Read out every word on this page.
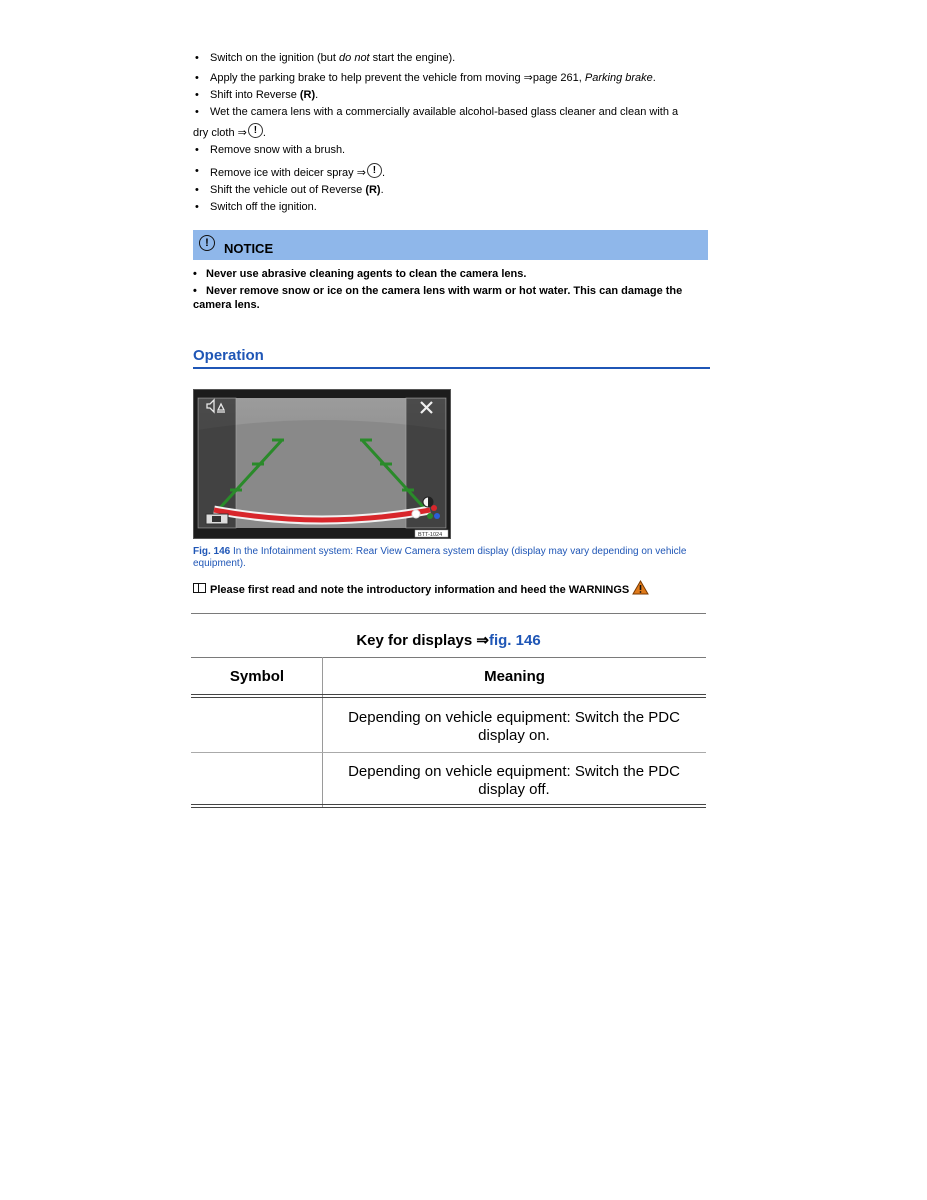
• Switch on the ignition (but do not start the engine).
• Apply the parking brake to help prevent the vehicle from moving ⇒page 261, Parking brake.
• Shift into Reverse (R).
•	Wet the camera lens with a commercially available alcohol-based glass cleaner and clean with a
dry cloth ⇒ ! .
• Remove snow with a brush.
• Remove ice with deicer spray ⇒ ! .
• Shift the vehicle out of Reverse (R).
• Switch off the ignition.
!	NOTICE
•   Never use abrasive cleaning agents to clean the camera lens.
•   Never remove snow or ice on the camera lens with warm or hot water. This can damage the camera lens.
Operation
BTT-1024
Fig. 146 In the Infotainment system: Rear View Camera system display (display may vary depending on vehicle equipment).
Please first read and note the introductory information and heed the WARNINGS
Key for displays ⇒fig. 146
Symbol	Meaning
Depending on vehicle equipment: Switch the PDC display on.
Depending on vehicle equipment: Switch the PDC display off.
